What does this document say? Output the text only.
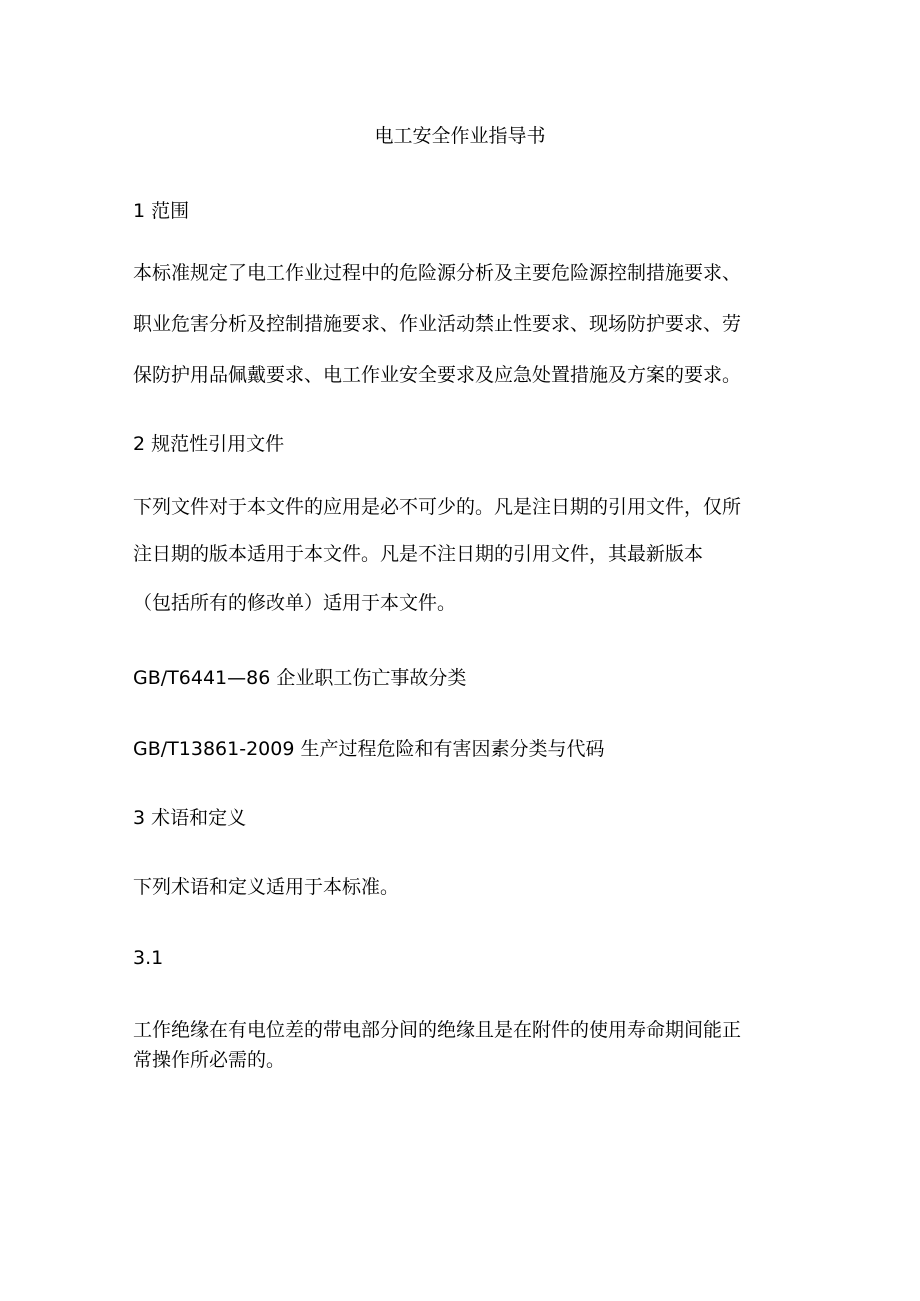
电工安全作业指导书
1 范围
本标准规定了电工作业过程中的危险源分析及主要危险源控制措施要求、
职业危害分析及控制措施要求、作业活动禁止性要求、现场防护要求、劳
保防护用品佩戴要求、电工作业安全要求及应急处置措施及方案的要求。
2 规范性引用文件
下列文件对于本文件的应用是必不可少的。凡是注日期的引用文件，仅所
注日期的版本适用于本文件。凡是不注日期的引用文件，其最新版本
（包括所有的修改单）适用于本文件。
GB/T6441—86 企业职工伤亡事故分类
GB/T13861-2009 生产过程危险和有害因素分类与代码
3 术语和定义
下列术语和定义适用于本标准。
3.1
工作绝缘在有电位差的带电部分间的绝缘且是在附件的使用寿命期间能正
常操作所必需的。
